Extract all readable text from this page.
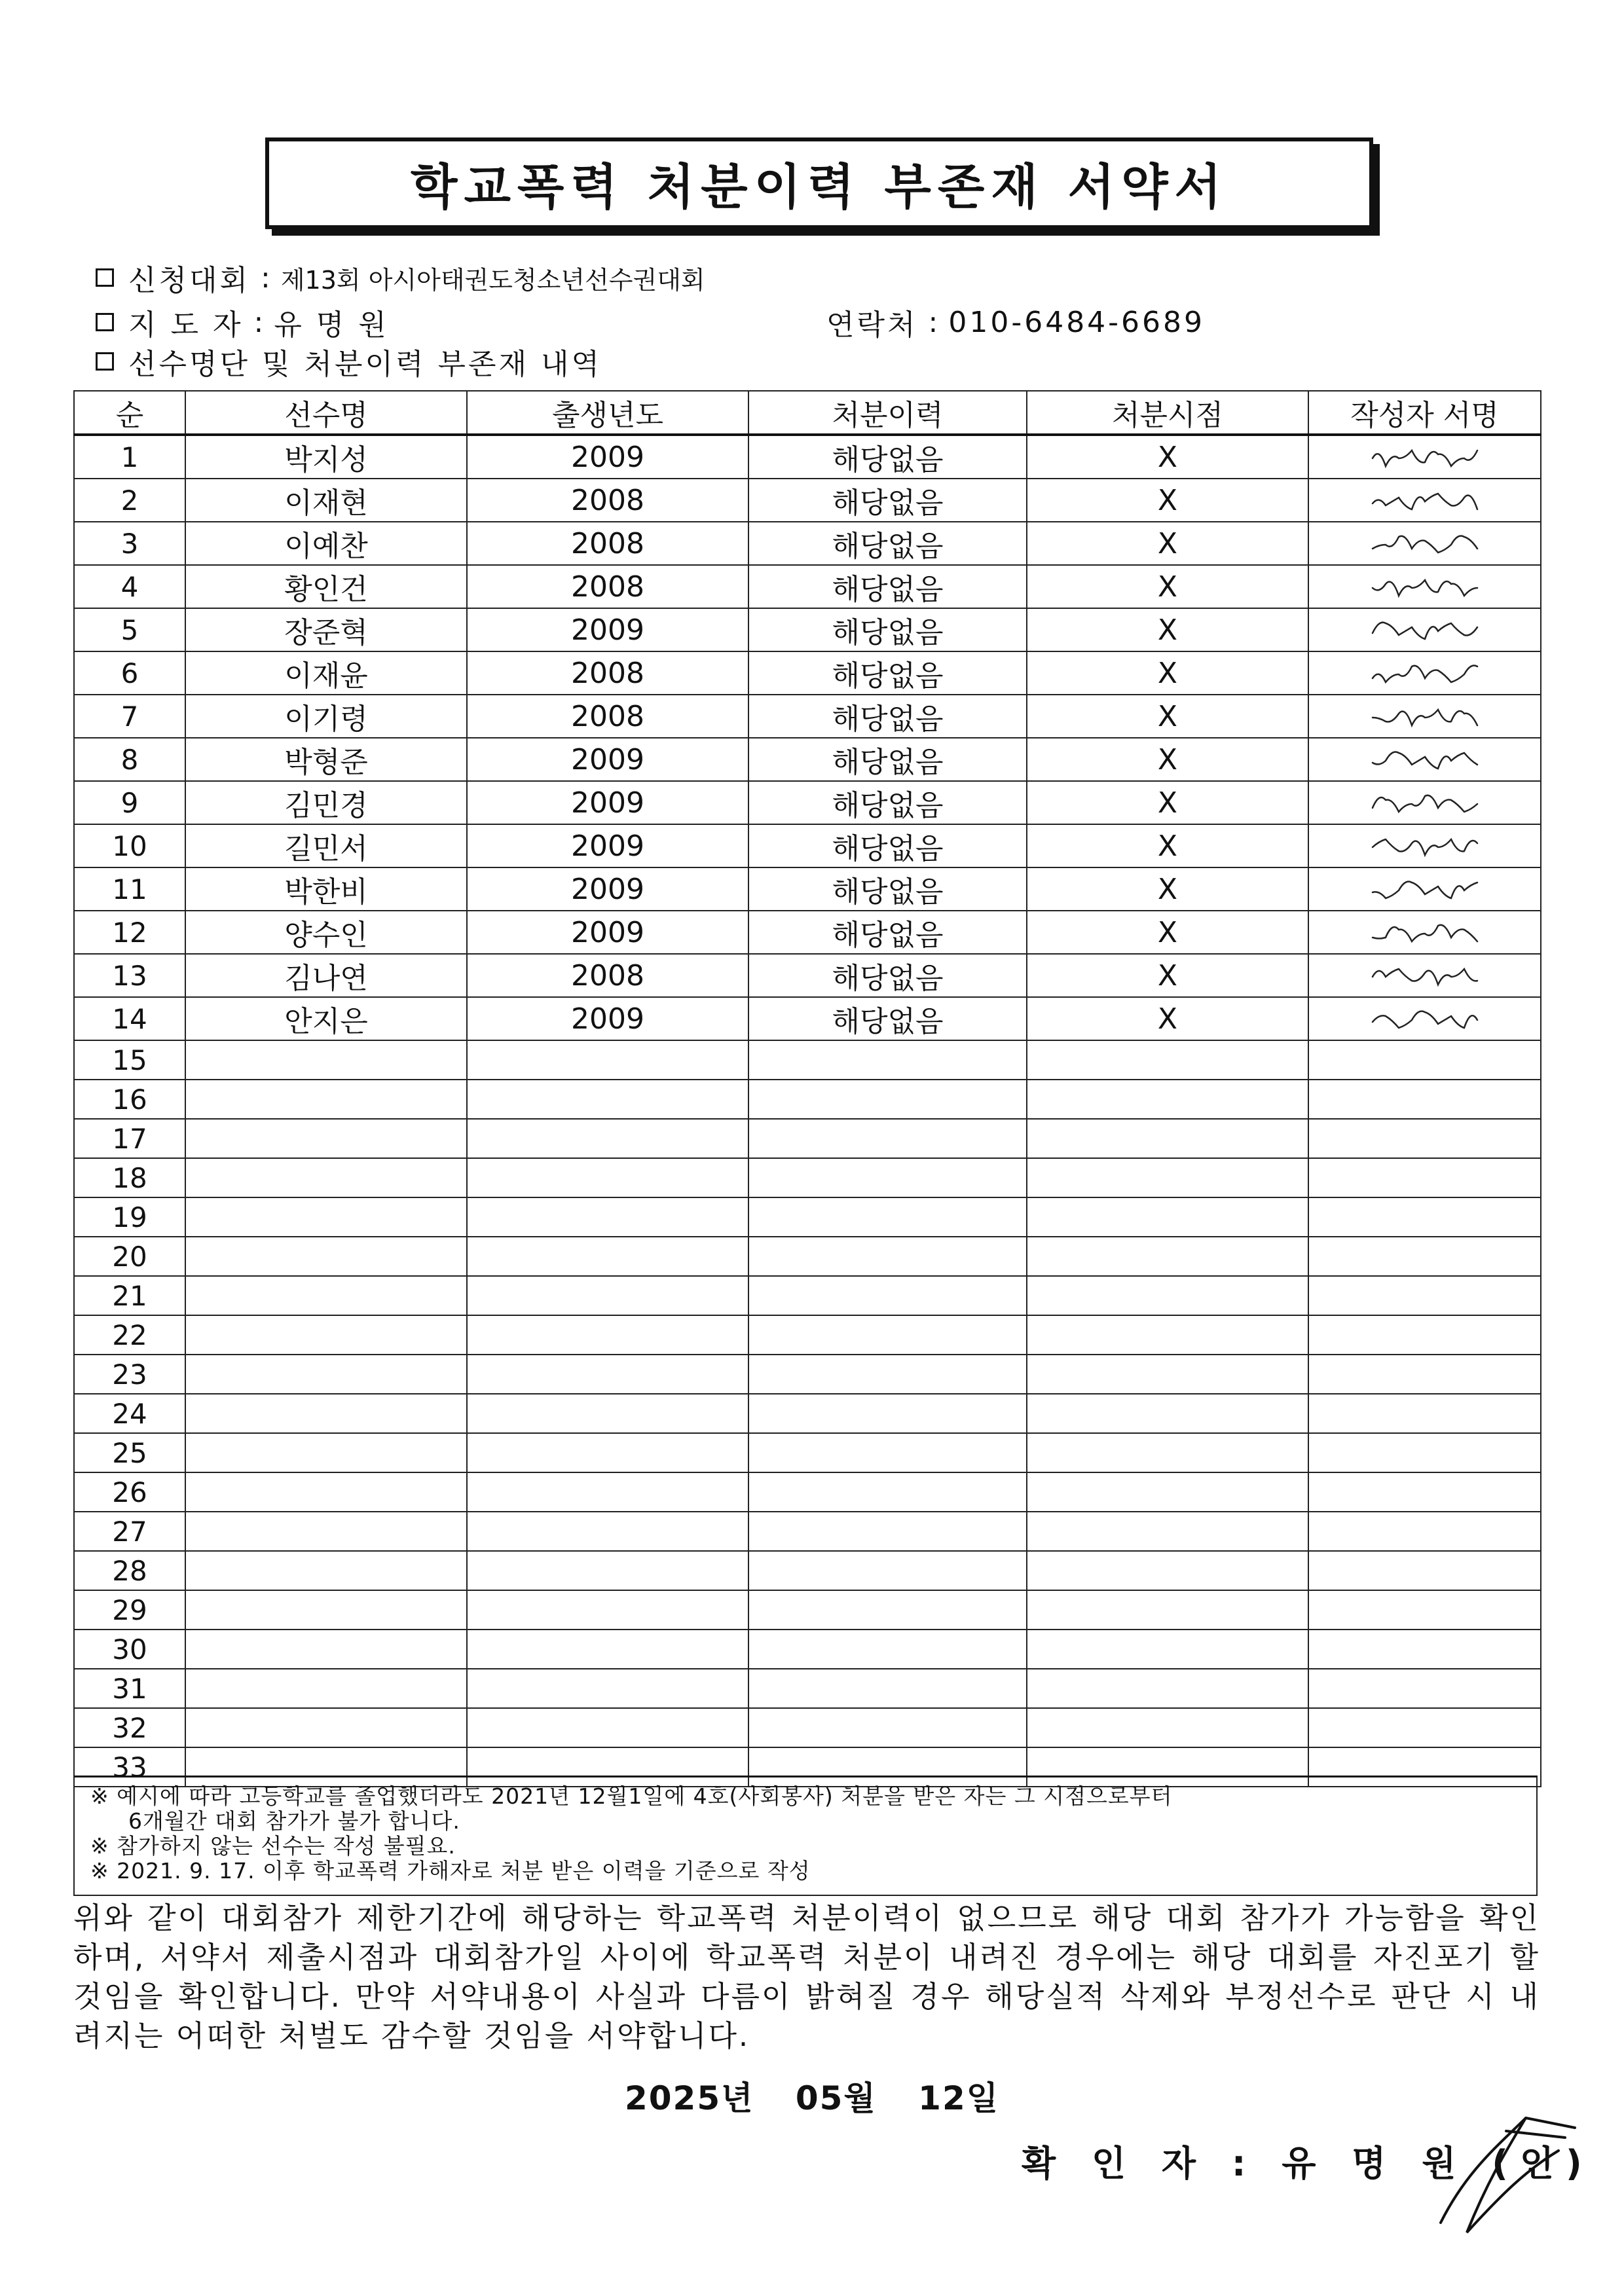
학교폭력 처분이력 부존재 서약서
신청대회 : 제13회 아시아태권도청소년선수권대회
지 도 자 : 유 명 원	연락처 : 010-6484-6689
선수명단 및 처분이력 부존재 내역
순	선수명	출생년도	처분이력	처분시점	작성자 서명
1	박지성	2009	해당없음	X	

2	이재현	2008	해당없음	X	

3	이예찬	2008	해당없음	X	

4	황인건	2008	해당없음	X	

5	장준혁	2009	해당없음	X	

6	이재윤	2008	해당없음	X	

7	이기령	2008	해당없음	X	

8	박형준	2009	해당없음	X	

9	김민경	2009	해당없음	X	

10	길민서	2009	해당없음	X	

11	박한비	2009	해당없음	X	

12	양수인	2009	해당없음	X	

13	김나연	2008	해당없음	X	

14	안지은	2009	해당없음	X	

15					
16					
17					
18					
19					
20					
21					
22					
23					
24					
25					
26					
27					
28					
29					
30					
31					
32					
33					
※ 예시에 따라 고등학교를 졸업했더라도 2021년 12월1일에 4호(사회봉사) 처분을 받은 자는 그 시점으로부터
6개월간 대회 참가가 불가 합니다.
※ 참가하지 않는 선수는 작성 불필요.
※ 2021. 9. 17. 이후 학교폭력 가해자로 처분 받은 이력을 기준으로 작성
위와 같이 대회참가 제한기간에 해당하는 학교폭력 처분이력이 없으므로 해당 대회 참가가 가능함을 확인하며, 서약서 제출시점과 대회참가일 사이에 학교폭력 처분이 내려진 경우에는 해당 대회를 자진포기 할 것임을 확인합니다. 만약 서약내용이 사실과 다름이 밝혀질 경우 해당실적 삭제와 부정선수로 판단 시 내려지는 어떠한 처벌도 감수할 것임을 서약합니다.
2025년 05월 12일
확 인 자 : 유 명 원 (인)
